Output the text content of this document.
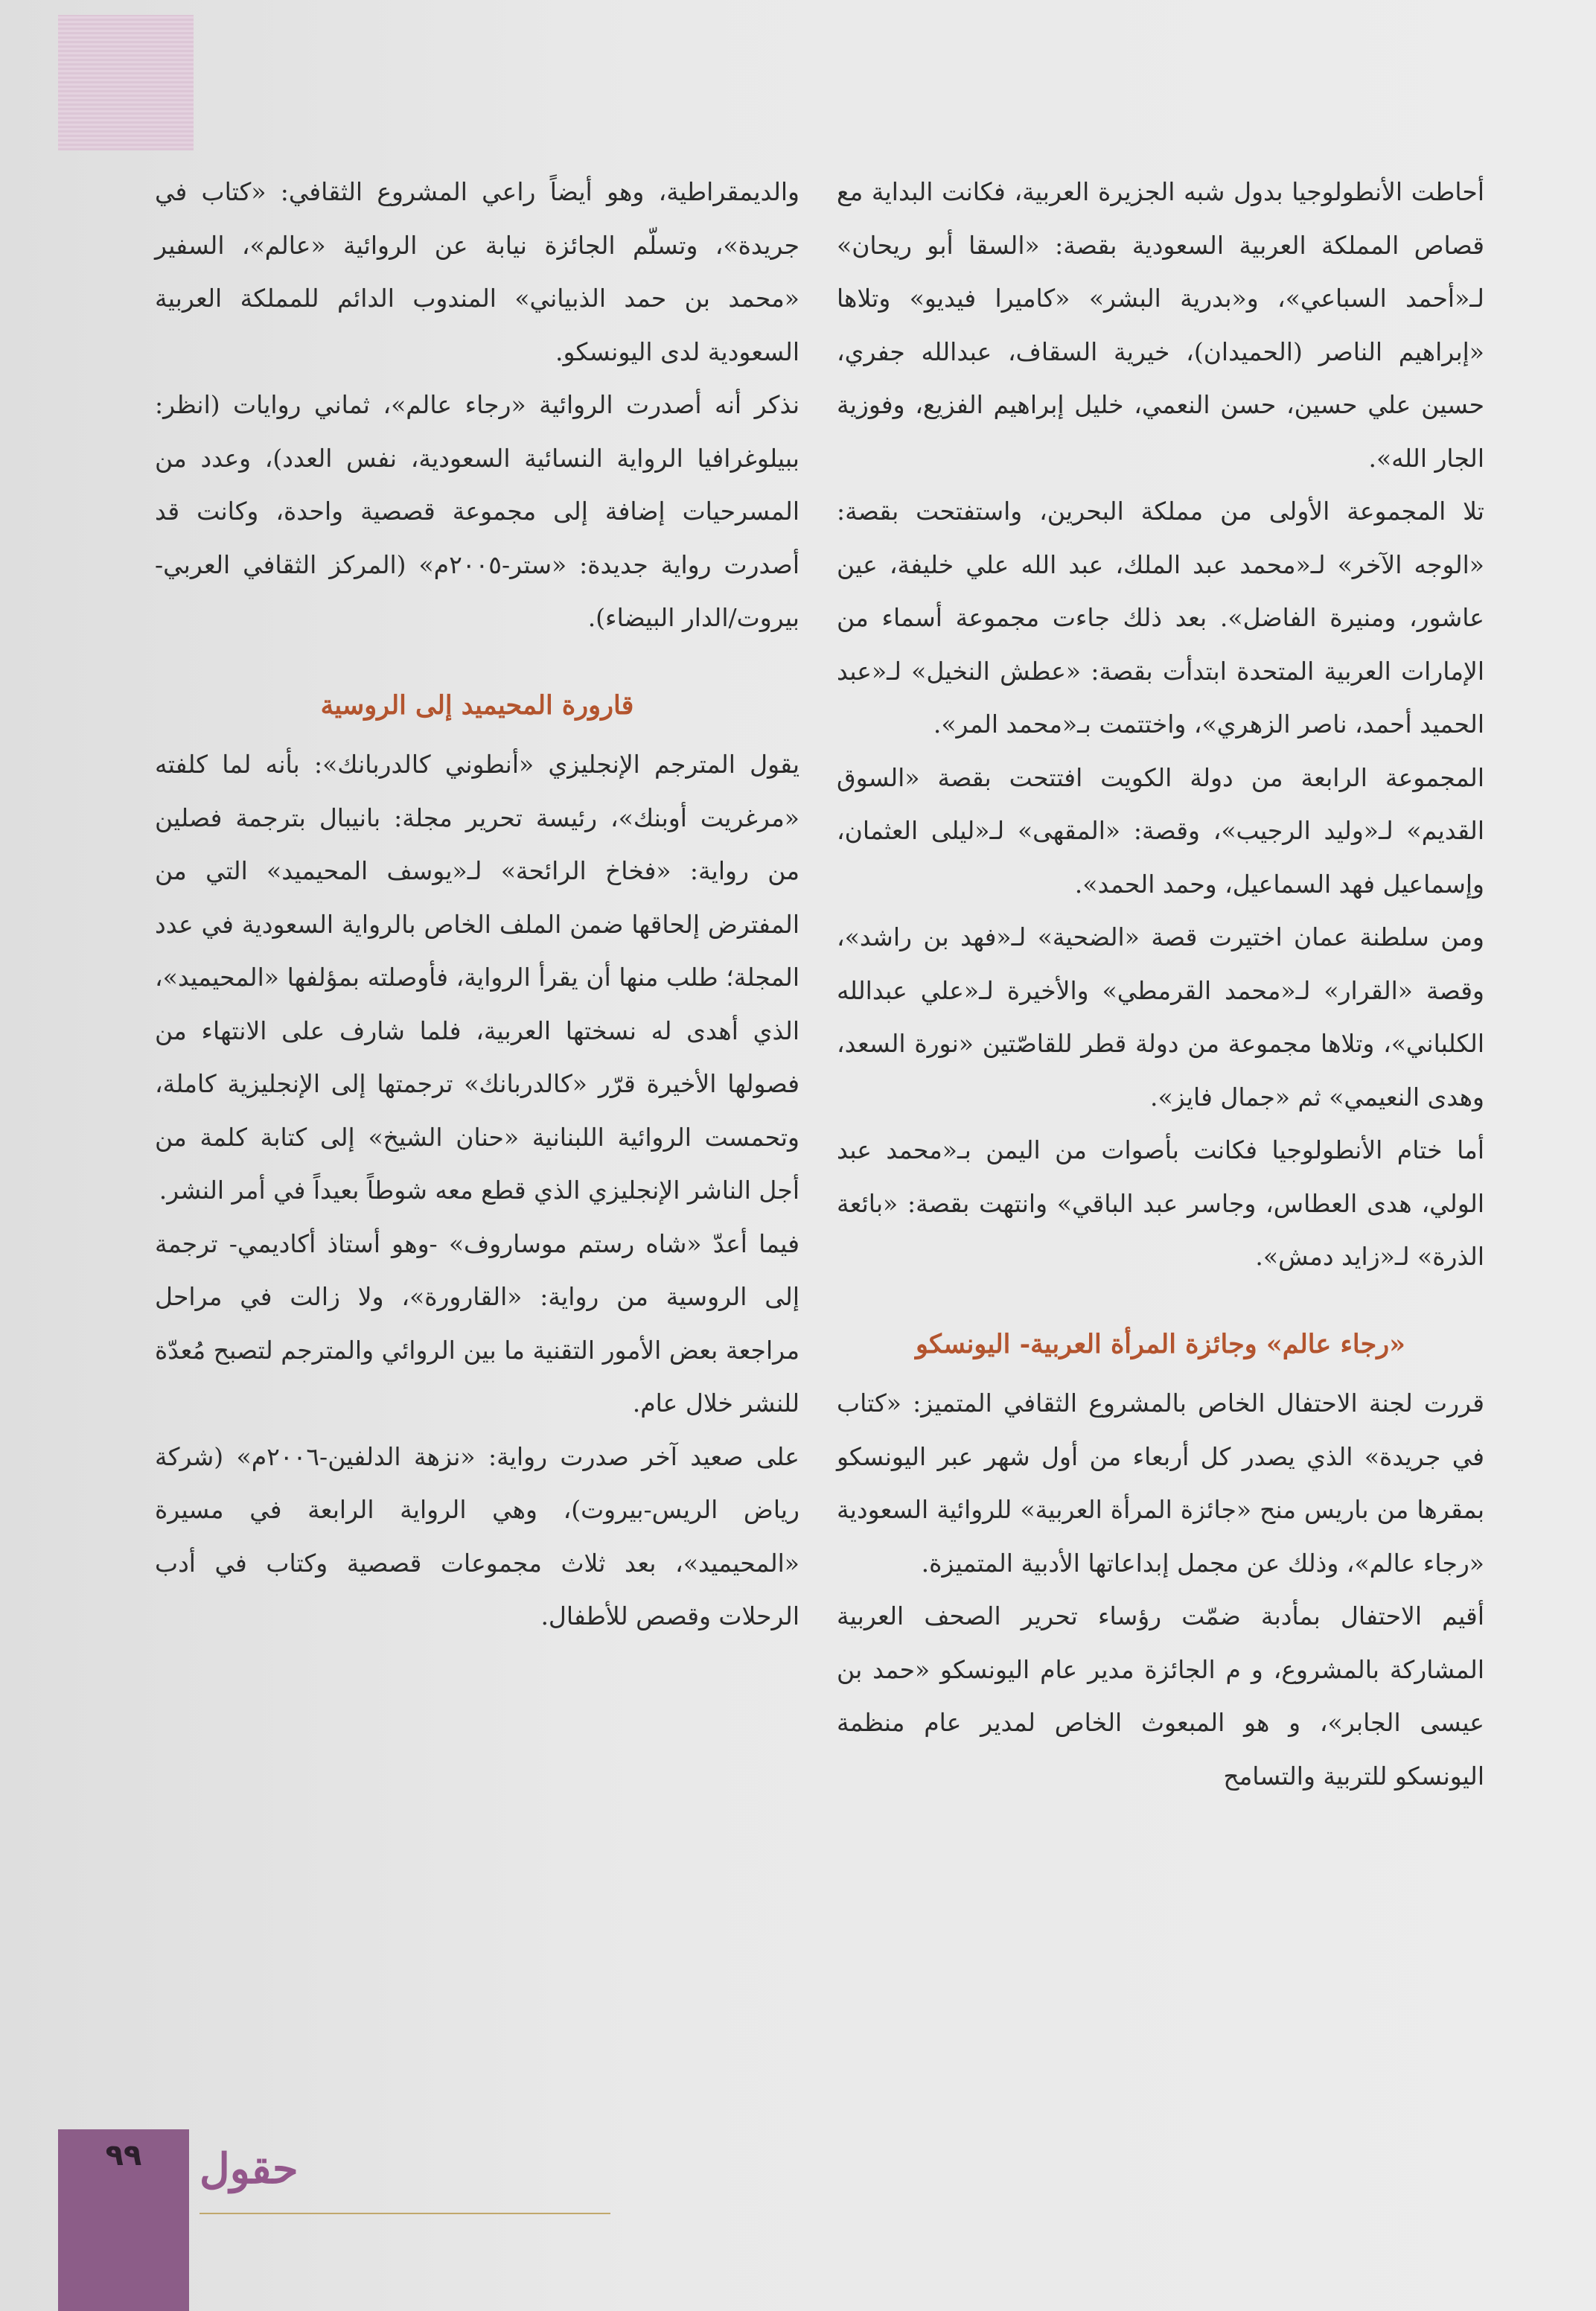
أحاطت الأنطولوجيا بدول شبه الجزيرة العربية، فكانت البداية مع قصاص المملكة العربية السعودية بقصة: «السقا أبو ريحان» لـ«أحمد السباعي»، و«بدرية البشر» «كاميرا فيديو» وتلاها «إبراهيم الناصر (الحميدان)، خيرية السقاف، عبدالله جفري، حسين علي حسين، حسن النعمي، خليل إبراهيم الفزيع، وفوزية الجار الله».

تلا المجموعة الأولى من مملكة البحرين، واستفتحت بقصة: «الوجه الآخر» لـ«محمد عبد الملك، عبد الله علي خليفة، عين عاشور، ومنيرة الفاضل». بعد ذلك جاءت مجموعة أسماء من الإمارات العربية المتحدة ابتدأت بقصة: «عطش النخيل» لـ«عبد الحميد أحمد، ناصر الزهري»، واختتمت بـ«محمد المر».

المجموعة الرابعة من دولة الكويت افتتحت بقصة «السوق القديم» لـ«وليد الرجيب»، وقصة: «المقهى» لـ«ليلى العثمان، وإسماعيل فهد السماعيل، وحمد الحمد».

ومن سلطنة عمان اختيرت قصة «الضحية» لـ«فهد بن راشد»، وقصة «القرار» لـ«محمد القرمطي» والأخيرة لـ«علي عبدالله الكلباني»، وتلاها مجموعة من دولة قطر للقاصّتين «نورة السعد، وهدى النعيمي» ثم «جمال فايز».

أما ختام الأنطولوجيا فكانت بأصوات من اليمن بـ«محمد عبد الولي، هدى العطاس، وجاسر عبد الباقي» وانتهت بقصة: «بائعة الذرة» لـ«زايد دمش».

«رجاء عالم» وجائزة المرأة العربية- اليونسكو

قررت لجنة الاحتفال الخاص بالمشروع الثقافي المتميز: «كتاب في جريدة» الذي يصدر كل أربعاء من أول شهر عبر اليونسكو بمقرها من باريس منح «جائزة المرأة العربية» للروائية السعودية «رجاء عالم»، وذلك عن مجمل إبداعاتها الأدبية المتميزة.

أقيم الاحتفال بمأدبة ضمّت رؤساء تحرير الصحف العربية المشاركة بالمشروع، و م الجائزة مدير عام اليونسكو «حمد بن عيسى الجابر»، و هو المبعوث الخاص لمدير عام منظمة اليونسكو للتربية والتسامح

والديمقراطية، وهو أيضاً راعي المشروع الثقافي: «كتاب في جريدة»، وتسلّم الجائزة نيابة عن الروائية «عالم»، السفير «محمد بن حمد الذبياني» المندوب الدائم للمملكة العربية السعودية لدى اليونسكو.

نذكر أنه أصدرت الروائية «رجاء عالم»، ثماني روايات (انظر: ببيلوغرافيا الرواية النسائية السعودية، نفس العدد)، وعدد من المسرحيات إضافة إلى مجموعة قصصية واحدة، وكانت قد أصدرت رواية جديدة: «ستر-٢٠٠٥م» (المركز الثقافي العربي-بيروت/الدار البيضاء).

قارورة المحيميد إلى الروسية

يقول المترجم الإنجليزي «أنطوني كالدربانك»: بأنه لما كلفته «مرغريت أوبنك»، رئيسة تحرير مجلة: بانيبال بترجمة فصلين من رواية: «فخاخ الرائحة» لـ«يوسف المحيميد» التي من المفترض إلحاقها ضمن الملف الخاص بالرواية السعودية في عدد المجلة؛ طلب منها أن يقرأ الرواية، فأوصلته بمؤلفها «المحيميد»، الذي أهدى له نسختها العربية، فلما شارف على الانتهاء من فصولها الأخيرة قرّر «كالدربانك» ترجمتها إلى الإنجليزية كاملة، وتحمست الروائية اللبنانية «حنان الشيخ» إلى كتابة كلمة من أجل الناشر الإنجليزي الذي قطع معه شوطاً بعيداً في أمر النشر.

فيما أعدّ «شاه رستم موساروف» -وهو أستاذ أكاديمي- ترجمة إلى الروسية من رواية: «القارورة»، ولا زالت في مراحل مراجعة بعض الأمور التقنية ما بين الروائي والمترجم لتصبح مُعدّة للنشر خلال عام.

على صعيد آخر صدرت رواية: «نزهة الدلفين-٢٠٠٦م» (شركة رياض الريس-بيروت)، وهي الرواية الرابعة في مسيرة «المحيميد»، بعد ثلاث مجموعات قصصية وكتاب في أدب الرحلات وقصص للأطفال.

٩٩	حقول
